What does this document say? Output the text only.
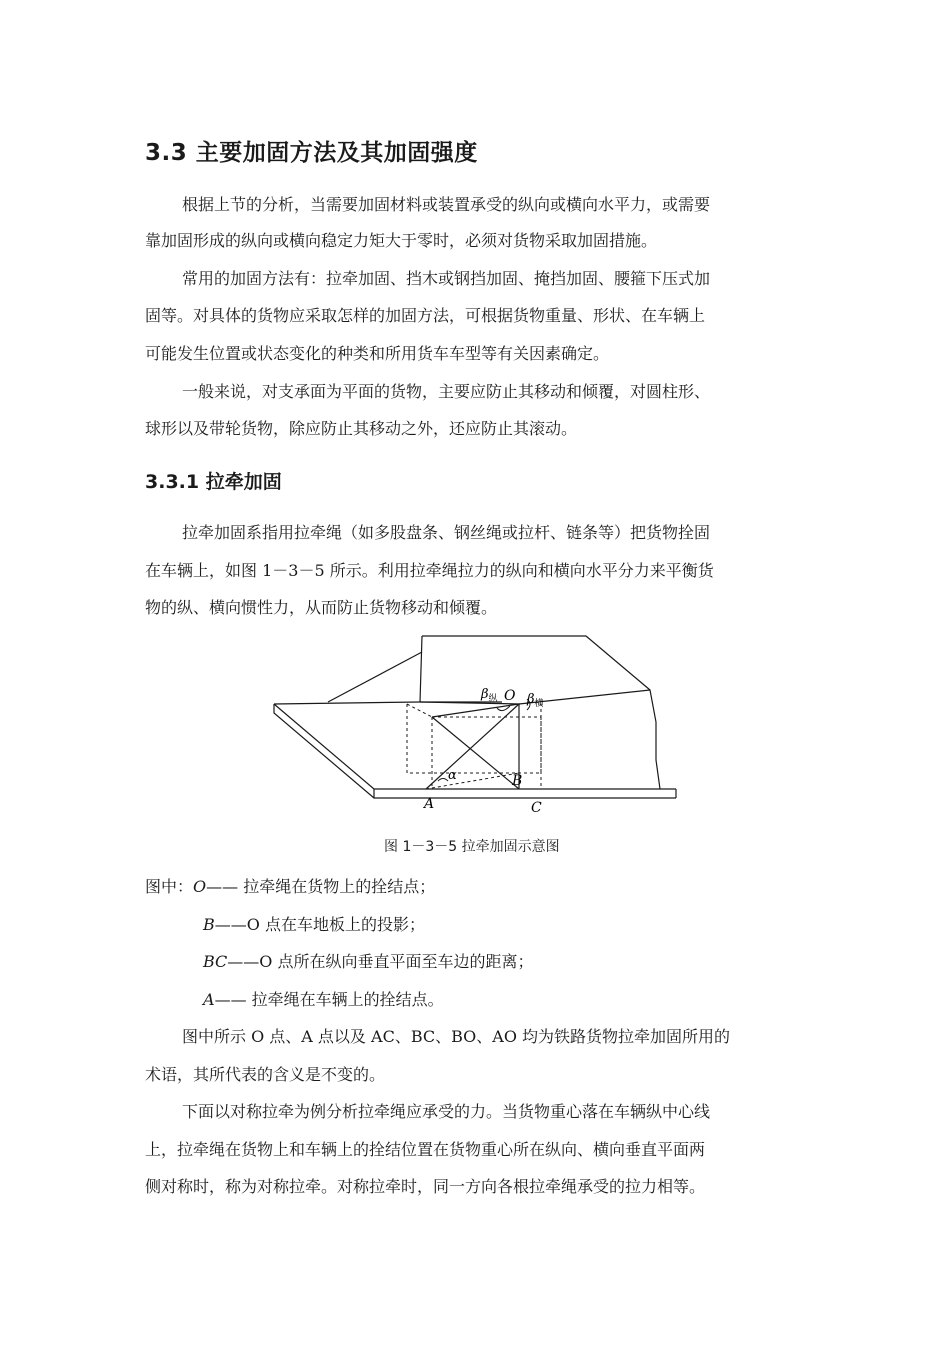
3.3 主要加固方法及其加固强度
根据上节的分析，当需要加固材料或装置承受的纵向或横向水平力，或需要
靠加固形成的纵向或横向稳定力矩大于零时，必须对货物采取加固措施。
常用的加固方法有：拉牵加固、挡木或钢挡加固、掩挡加固、腰箍下压式加
固等。对具体的货物应采取怎样的加固方法，可根据货物重量、形状、在车辆上
可能发生位置或状态变化的种类和所用货车车型等有关因素确定。
一般来说，对支承面为平面的货物，主要应防止其移动和倾覆，对圆柱形、
球形以及带轮货物，除应防止其移动之外，还应防止其滚动。
3.3.1 拉牵加固
拉牵加固系指用拉牵绳（如多股盘条、钢丝绳或拉杆、链条等）把货物拴固
在车辆上，如图 1－3－5 所示。利用拉牵绳拉力的纵向和横向水平分力来平衡货
物的纵、横向惯性力，从而防止货物移动和倾覆。
$\beta_纵$ O $\beta_横$
α	B
A	C
图 1－3－5 拉牵加固示意图
图中：O—— 拉牵绳在货物上的拴结点；
B——O 点在车地板上的投影；
BC——O 点所在纵向垂直平面至车边的距离；
A—— 拉牵绳在车辆上的拴结点。
图中所示 O 点、A 点以及 AC、BC、BO、AO 均为铁路货物拉牵加固所用的
术语，其所代表的含义是不变的。
下面以对称拉牵为例分析拉牵绳应承受的力。当货物重心落在车辆纵中心线
上，拉牵绳在货物上和车辆上的拴结位置在货物重心所在纵向、横向垂直平面两
侧对称时，称为对称拉牵。对称拉牵时，同一方向各根拉牵绳承受的拉力相等。
